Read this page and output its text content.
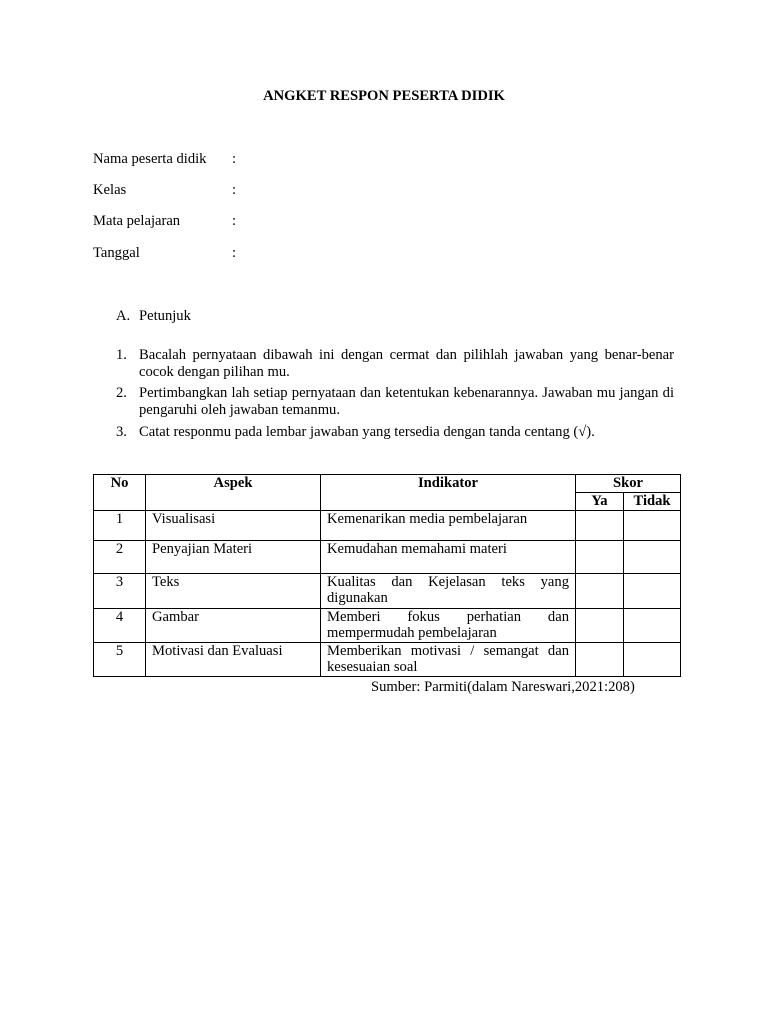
ANGKET RESPON PESERTA DIDIK
Nama peserta didik :
Kelas	:
Mata pelajaran	:
Tanggal	:
A. Petunjuk
1. Bacalah pernyataan dibawah ini dengan cermat dan pilihlah jawaban yang benar-benar cocok dengan pilihan mu.
2. Pertimbangkan lah setiap pernyataan dan ketentukan kebenarannya. Jawaban mu jangan di pengaruhi oleh jawaban temanmu.
3. Catat responmu pada lembar jawaban yang tersedia dengan tanda centang (√).
No	Aspek	Indikator	Skor	
			Ya	Tidak
1	Visualisasi	Kemenarikan media pembelajaran		
2	Penyajian Materi	Kemudahan memahami materi		
3	Teks	Kualitas dan Kejelasan teks yang digunakan		
4	Gambar	Memberi fokus perhatian dan mempermudah pembelajaran		
5	Motivasi dan Evaluasi	Memberikan motivasi / semangat dan kesesuaian soal		
Sumber: Parmiti(dalam Nareswari,2021:208)
